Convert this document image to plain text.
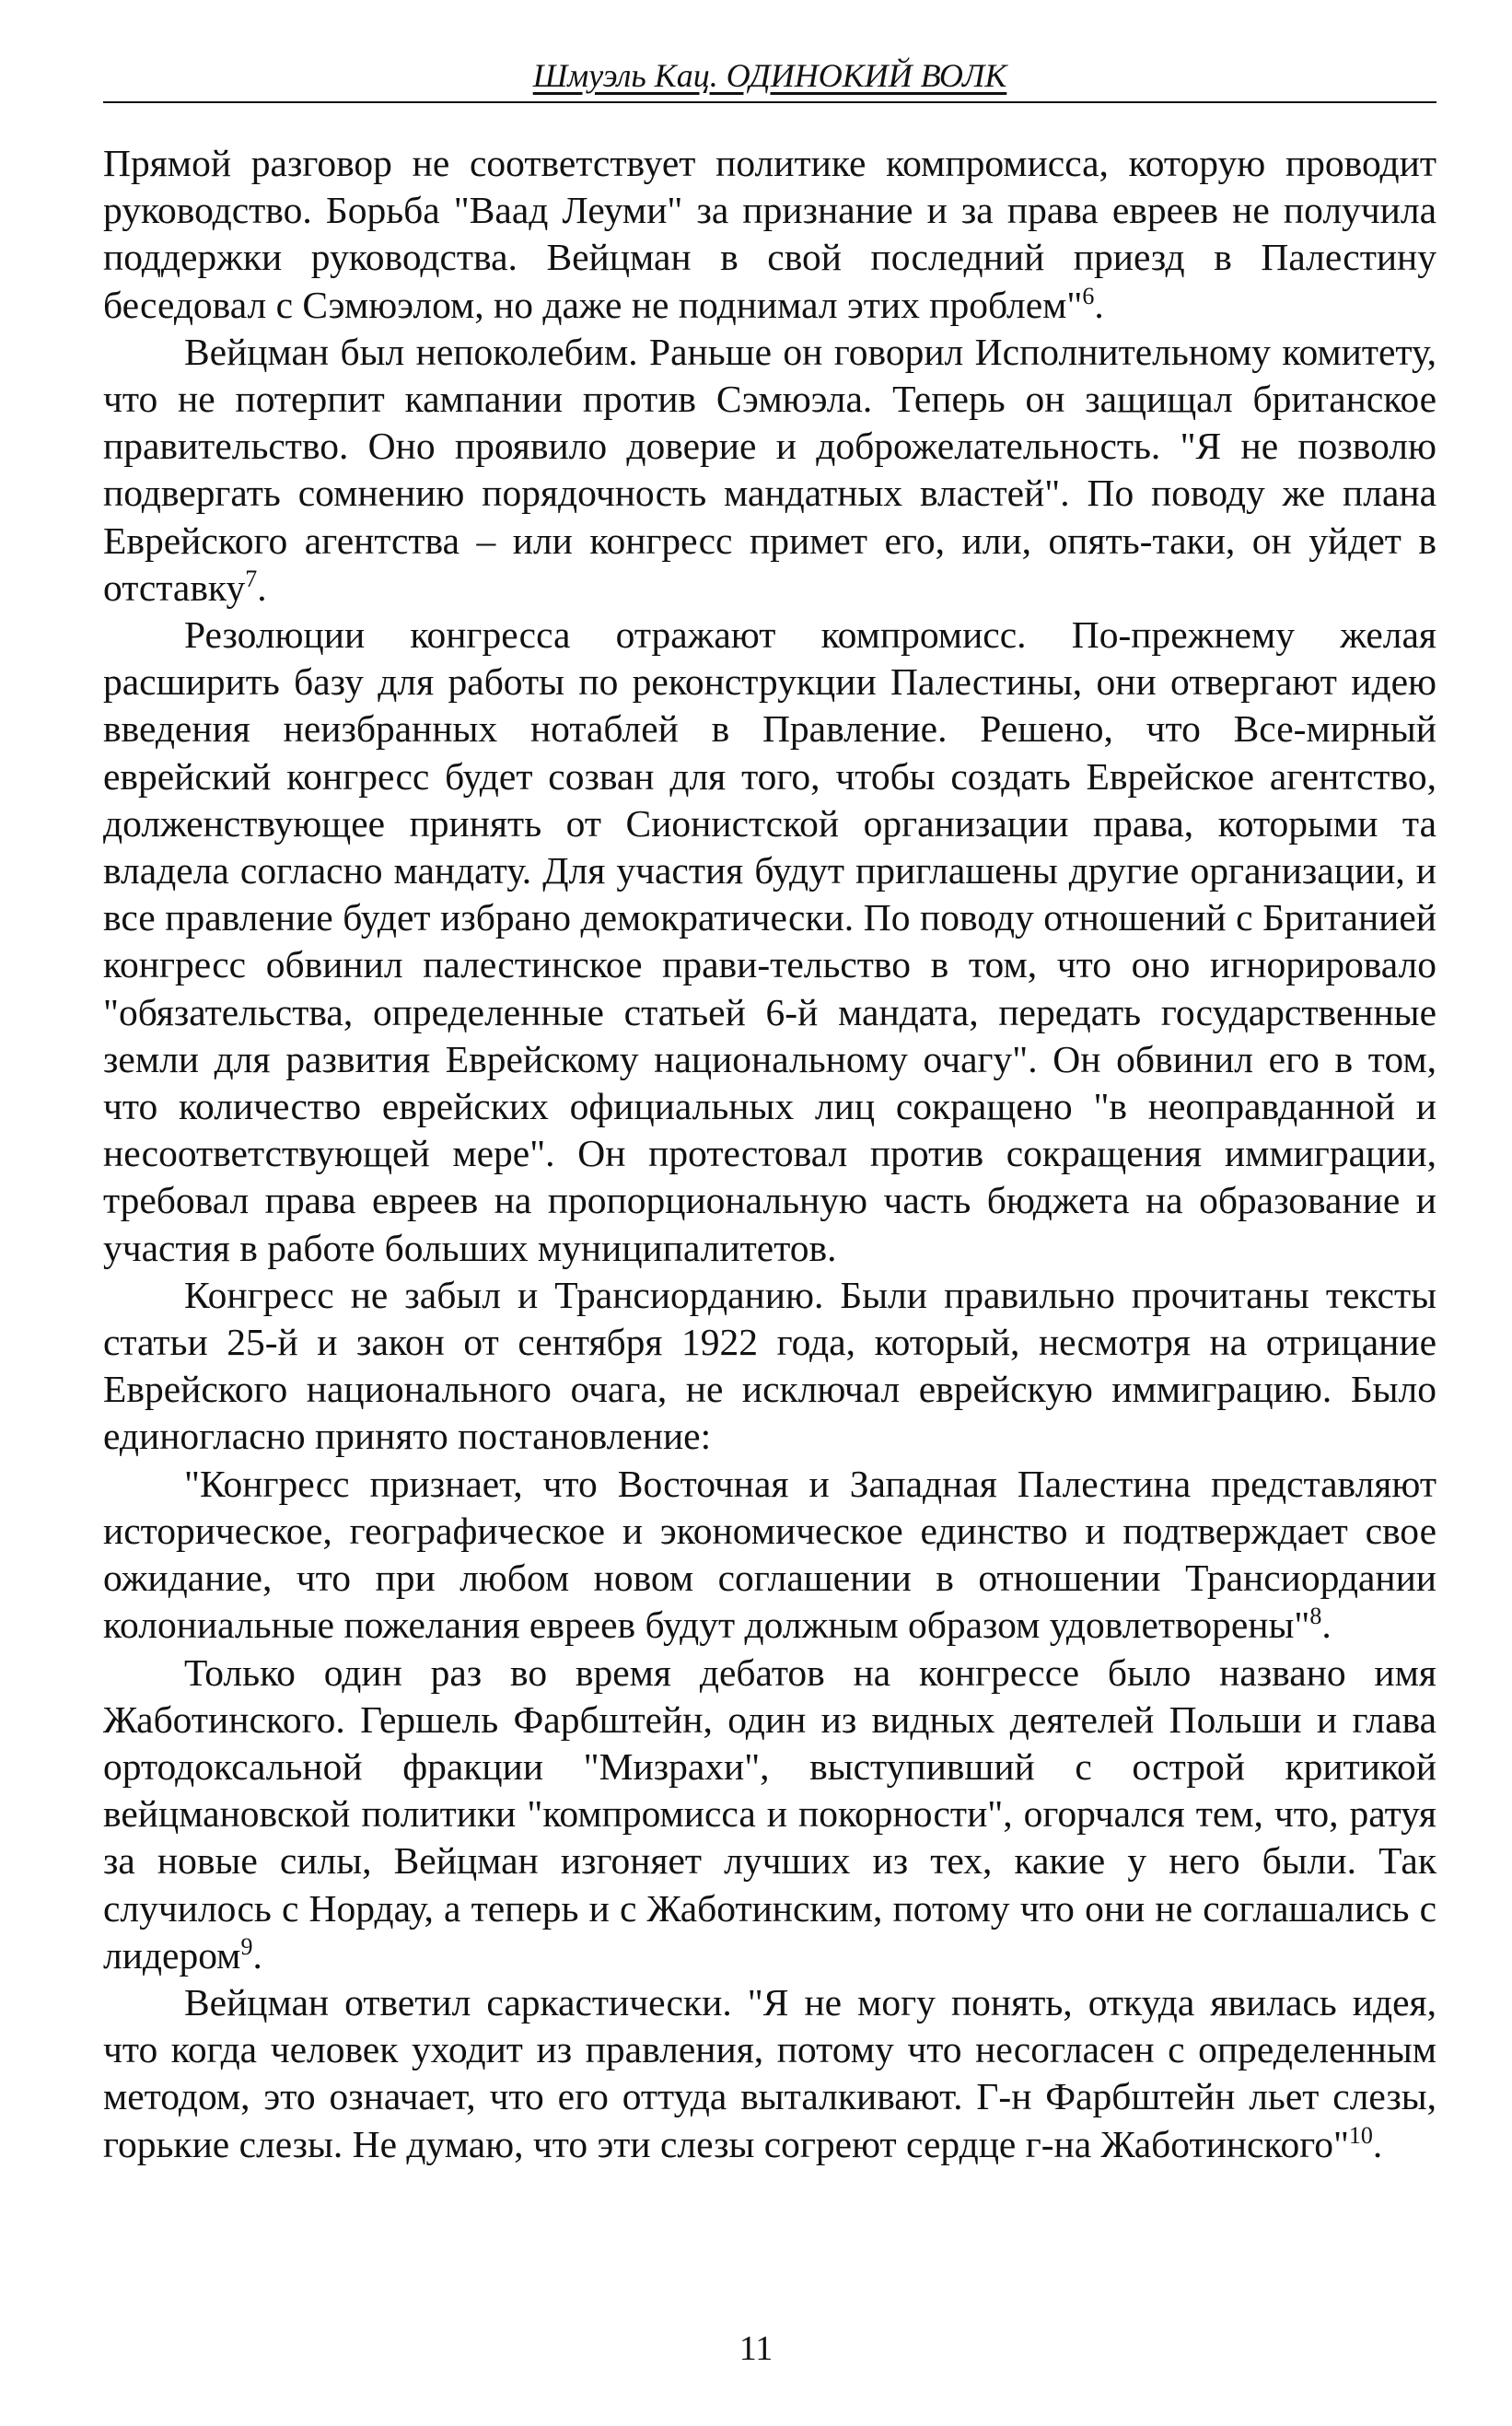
Шмуэль Кац. ОДИНОКИЙ ВОЛК

Прямой разговор не соответствует политике компромисса, которую проводит руководство. Борьба "Ваад Леуми" за признание и за права евреев не получила поддержки руководства. Вейцман в свой последний приезд в Палестину беседовал с Сэмюэлом, но даже не поднимал этих проблем"$^6$.

Вейцман был непоколебим. Раньше он говорил Исполнительному комитету, что не потерпит кампании против Сэмюэла. Теперь он защищал британское правительство. Оно проявило доверие и доброжелательность. "Я не позволю подвергать сомнению порядочность мандатных властей". По поводу же плана Еврейского агентства – или конгресс примет его, или, опять-таки, он уйдет в отставку$^7$.

Резолюции конгресса отражают компромисс. По-прежнему желая расширить базу для работы по реконструкции Палестины, они отвергают идею введения неизбранных нотаблей в Правление. Решено, что Все-мирный еврейский конгресс будет созван для того, чтобы создать Еврейское агентство, долженствующее принять от Сионистской организации права, которыми та владела согласно мандату. Для участия будут приглашены другие организации, и все правление будет избрано демократически. По поводу отношений с Британией конгресс обвинил палестинское прави-тельство в том, что оно игнорировало "обязательства, определенные статьей 6-й мандата, передать государственные земли для развития Еврейскому национальному очагу". Он обвинил его в том, что количество еврейских официальных лиц сокращено "в неоправданной и несоответствующей мере". Он протестовал против сокращения иммиграции, требовал права евреев на пропорциональную часть бюджета на образование и участия в работе больших муниципалитетов.

Конгресс не забыл и Трансиорданию. Были правильно прочитаны тексты статьи 25-й и закон от сентября 1922 года, который, несмотря на отрицание Еврейского национального очага, не исключал еврейскую иммиграцию. Было единогласно принято постановление:

"Конгресс признает, что Восточная и Западная Палестина представляют историческое, географическое и экономическое единство и подтверждает свое ожидание, что при любом новом соглашении в отношении Трансиордании колониальные пожелания евреев будут должным образом удовлетворены"$^8$.

Только один раз во время дебатов на конгрессе было названо имя Жаботинского. Гершель Фарбштейн, один из видных деятелей Польши и глава ортодоксальной фракции "Мизрахи", выступивший с острой критикой вейцмановской политики "компромисса и покорности", огорчался тем, что, ратуя за новые силы, Вейцман изгоняет лучших из тех, какие у него были. Так случилось с Нордау, а теперь и с Жаботинским, потому что они не соглашались с лидером$^9$.

Вейцман ответил саркастически. "Я не могу понять, откуда явилась идея, что когда человек уходит из правления, потому что несогласен с определенным методом, это означает, что его оттуда выталкивают. Г-н Фарбштейн льет слезы, горькие слезы. Не думаю, что эти слезы согреют сердце г-на Жаботинского"$^{10}$.

11
